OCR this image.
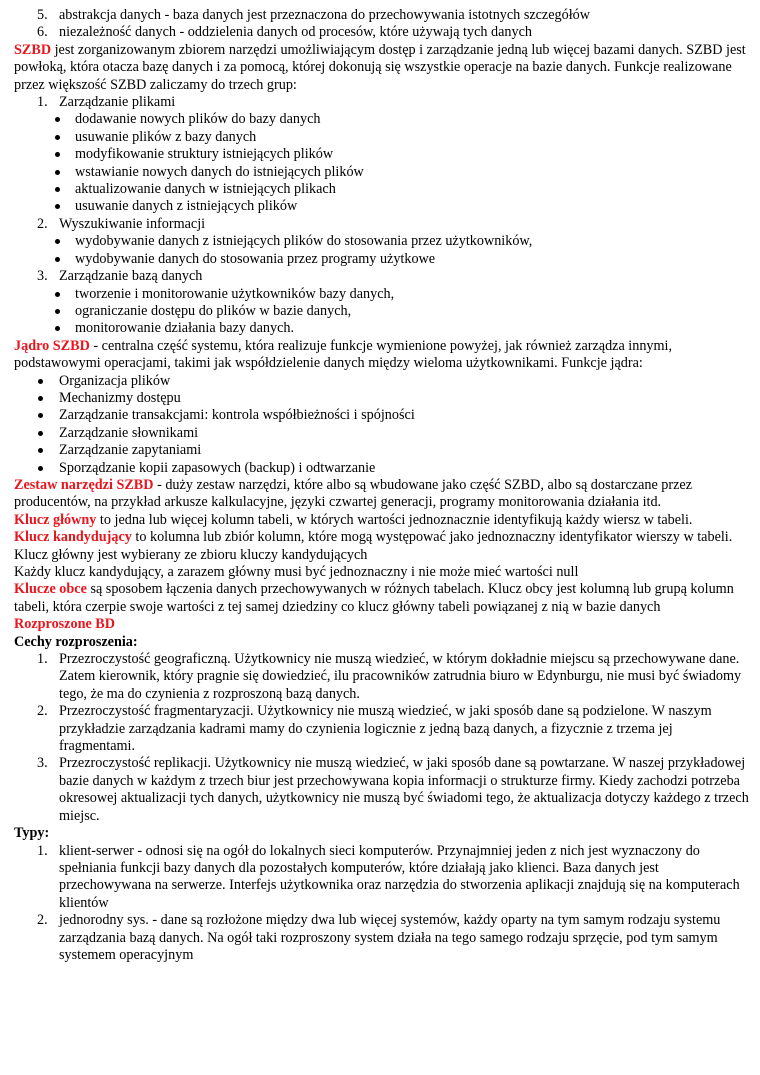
5. abstrakcja danych - baza danych jest przeznaczona do przechowywania istotnych szczegółów
6. niezależność danych - oddzielenia danych od procesów, które używają tych danych

SZBD jest zorganizowanym zbiorem narzędzi umożliwiającym dostęp i zarządzanie jedną lub więcej bazami danych. SZBD jest powłoką, która otacza bazę danych i za pomocą, której dokonują się wszystkie operacje na bazie danych. Funkcje realizowane przez większość SZBD zaliczamy do trzech grup:

1. Zarządzanie plikami
dodawanie nowych plików do bazy danych
usuwanie plików z bazy danych
modyfikowanie struktury istniejących plików
wstawianie nowych danych do istniejących plików
aktualizowanie danych w istniejących plikach
usuwanie danych z istniejących plików
2. Wyszukiwanie informacji
wydobywanie danych z istniejących plików do stosowania przez użytkowników,
wydobywanie danych do stosowania przez programy użytkowe
3. Zarządzanie bazą danych
tworzenie i monitorowanie użytkowników bazy danych,
ograniczanie dostępu do plików w bazie danych,
monitorowanie działania bazy danych.

Jądro SZBD - centralna część systemu, która realizuje funkcje wymienione powyżej, jak również zarządza innymi, podstawowymi operacjami, takimi jak współdzielenie danych między wieloma użytkownikami. Funkcje jądra:

Organizacja plików
Mechanizmy dostępu
Zarządzanie transakcjami: kontrola współbieżności i spójności
Zarządzanie słownikami
Zarządzanie zapytaniami
Sporządzanie kopii zapasowych (backup) i odtwarzanie

Zestaw narzędzi SZBD - duży zestaw narzędzi, które albo są wbudowane jako część SZBD, albo są dostarczane przez producentów, na przykład arkusze kalkulacyjne, języki czwartej generacji, programy monitorowania działania itd.

Klucz główny to jedna lub więcej kolumn tabeli, w których wartości jednoznacznie identyfikują każdy wiersz w tabeli.

Klucz kandydujący to kolumna lub zbiór kolumn, które mogą występować jako jednoznaczny identyfikator wierszy w tabeli. Klucz główny jest wybierany ze zbioru kluczy kandydujących

Każdy klucz kandydujący, a zarazem główny musi być jednoznaczny i nie może mieć wartości null

Klucze obce są sposobem łączenia danych przechowywanych w różnych tabelach. Klucz obcy jest kolumną lub grupą kolumn tabeli, która czerpie swoje wartości z tej samej dziedziny co klucz główny tabeli powiązanej z nią w bazie danych

Rozproszone BD

Cechy rozproszenia:

1. Przezroczystość geograficzną. Użytkownicy nie muszą wiedzieć, w którym dokładnie miejscu są przechowywane dane. Zatem kierownik, który pragnie się dowiedzieć, ilu pracowników zatrudnia biuro w Edynburgu, nie musi być świadomy tego, że ma do czynienia z rozproszoną bazą danych.
2. Przezroczystość fragmentaryzacji. Użytkownicy nie muszą wiedzieć, w jaki sposób dane są podzielone. W naszym przykładzie zarządzania kadrami mamy do czynienia logicznie z jedną bazą danych, a fizycznie z trzema jej fragmentami.
3. Przezroczystość replikacji. Użytkownicy nie muszą wiedzieć, w jaki sposób dane są powtarzane. W naszej przykładowej bazie danych w każdym z trzech biur jest przechowywana kopia informacji o strukturze firmy. Kiedy zachodzi potrzeba okresowej aktualizacji tych danych, użytkownicy nie muszą być świadomi tego, że aktualizacja dotyczy każdego z trzech miejsc.

Typy:

1. klient-serwer - odnosi się na ogół do lokalnych sieci komputerów. Przynajmniej jeden z nich jest wyznaczony do spełniania funkcji bazy danych dla pozostałych komputerów, które działają jako klienci. Baza danych jest przechowywana na serwerze. Interfejs użytkownika oraz narzędzia do stworzenia aplikacji znajdują się na komputerach klientów
2. jednorodny sys. - dane są rozłożone między dwa lub więcej systemów, każdy oparty na tym samym rodzaju systemu zarządzania bazą danych. Na ogół taki rozproszony system działa na tego samego rodzaju sprzęcie, pod tym samym systemem operacyjnym
